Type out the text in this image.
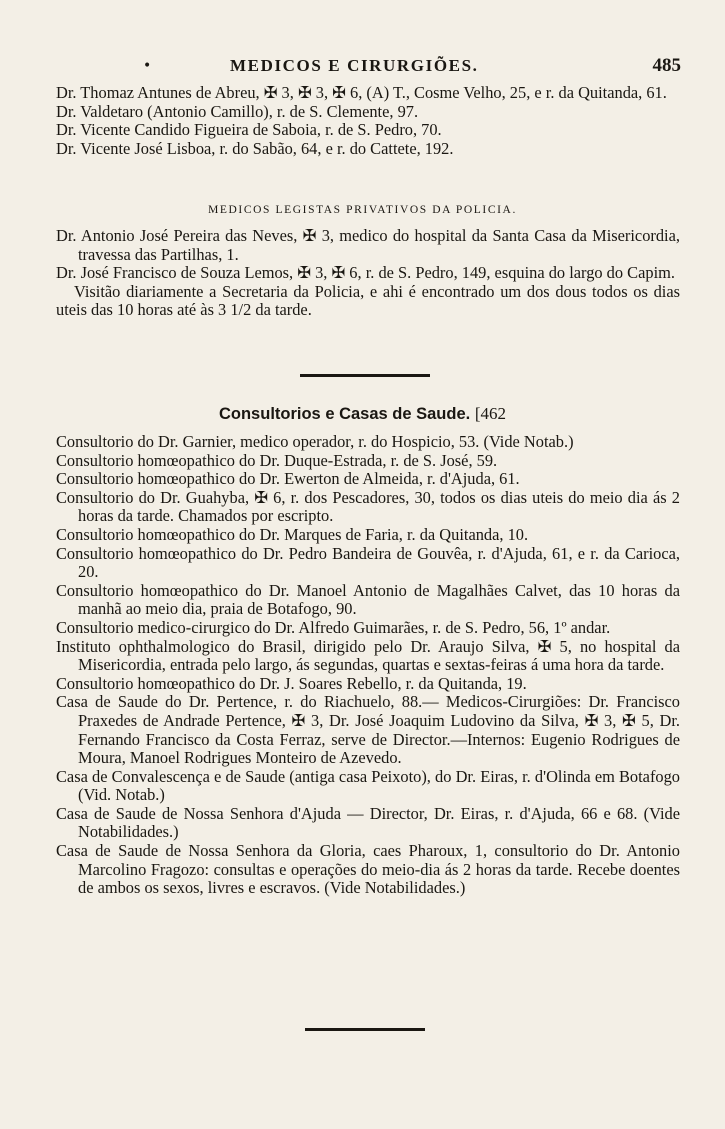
•	MEDICOS E CIRURGIÕES.	485

Dr. Thomaz Antunes de Abreu, ✠ 3, ✠ 3, ✠ 6, (A) T., Cosme Velho, 25, e r. da Quitanda, 61.

Dr. Valdetaro (Antonio Camillo), r. de S. Clemente, 97.

Dr. Vicente Candido Figueira de Saboia, r. de S. Pedro, 70.

Dr. Vicente José Lisboa, r. do Sabão, 64, e r. do Cattete, 192.

MEDICOS LEGISTAS PRIVATIVOS DA POLICIA.

Dr. Antonio José Pereira das Neves, ✠ 3, medico do hospital da Santa Casa da Misericordia, travessa das Partilhas, 1.

Dr. José Francisco de Souza Lemos, ✠ 3, ✠ 6, r. de S. Pedro, 149, esquina do largo do Capim.

Visitão diariamente a Secretaria da Policia, e ahi é encontrado um dos dous todos os dias uteis das 10 horas até às 3 1/2 da tarde.

Consultorios e Casas de Saude. [462

Consultorio do Dr. Garnier, medico operador, r. do Hospicio, 53. (Vide Notab.)

Consultorio homœopathico do Dr. Duque-Estrada, r. de S. José, 59.

Consultorio homœopathico do Dr. Ewerton de Almeida, r. d'Ajuda, 61.

Consultorio do Dr. Guahyba, ✠ 6, r. dos Pescadores, 30, todos os dias uteis do meio dia ás 2 horas da tarde. Chamados por escripto.

Consultorio homœopathico do Dr. Marques de Faria, r. da Quitanda, 10.

Consultorio homœopathico do Dr. Pedro Bandeira de Gouvêa, r. d'Ajuda, 61, e r. da Carioca, 20.

Consultorio homœopathico do Dr. Manoel Antonio de Magalhães Calvet, das 10 horas da manhã ao meio dia, praia de Botafogo, 90.

Consultorio medico-cirurgico do Dr. Alfredo Guimarães, r. de S. Pedro, 56, 1º andar.

Instituto ophthalmologico do Brasil, dirigido pelo Dr. Araujo Silva, ✠ 5, no hospital da Misericordia, entrada pelo largo, ás segundas, quartas e sextas-feiras á uma hora da tarde.

Consultorio homœopathico do Dr. J. Soares Rebello, r. da Quitanda, 19.

Casa de Saude do Dr. Pertence, r. do Riachuelo, 88.— Medicos-Cirurgiões: Dr. Francisco Praxedes de Andrade Pertence, ✠ 3, Dr. José Joaquim Ludovino da Silva, ✠ 3, ✠ 5, Dr. Fernando Francisco da Costa Ferraz, serve de Director.—Internos: Eugenio Rodrigues de Moura, Manoel Rodrigues Monteiro de Azevedo.

Casa de Convalescença e de Saude (antiga casa Peixoto), do Dr. Eiras, r. d'Olinda em Botafogo (Vid. Notab.)

Casa de Saude de Nossa Senhora d'Ajuda — Director, Dr. Eiras, r. d'Ajuda, 66 e 68. (Vide Notabilidades.)

Casa de Saude de Nossa Senhora da Gloria, caes Pharoux, 1, consultorio do Dr. Antonio Marcolino Fragozo: consultas e operações do meio-dia ás 2 horas da tarde. Recebe doentes de ambos os sexos, livres e escravos. (Vide Notabilidades.)
